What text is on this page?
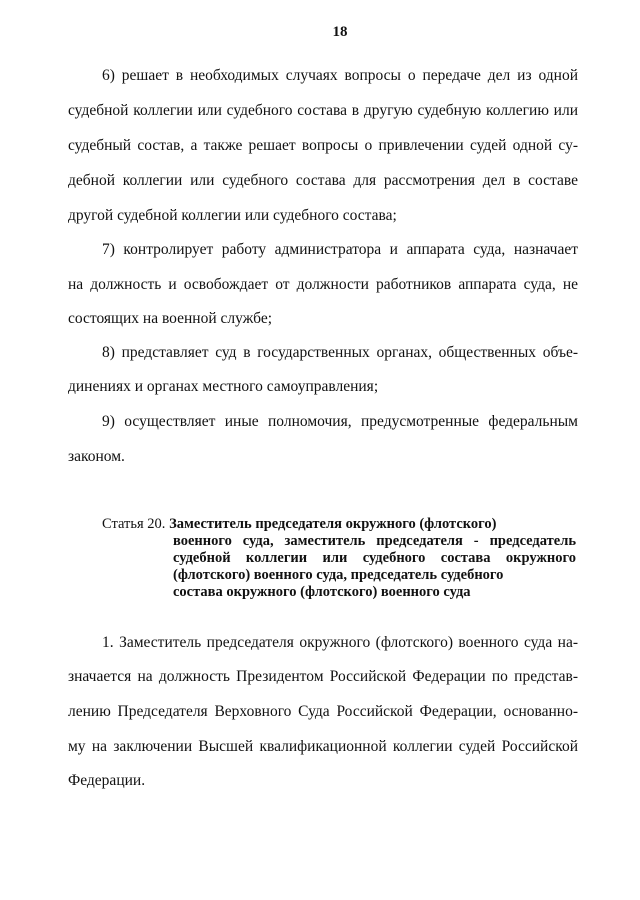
18
6) решает в необходимых случаях вопросы о передаче дел из одной
судебной коллегии или судебного состава в другую судебную коллегию или
судебный состав, а также решает вопросы о привлечении судей одной су-
дебной коллегии или судебного состава для рассмотрения дел в составе
другой судебной коллегии или судебного состава;
7) контролирует работу администратора и аппарата суда, назначает
на должность и освобождает от должности работников аппарата суда, не
состоящих на военной службе;
8) представляет суд в государственных органах, общественных объе-
динениях и органах местного самоуправления;
9) осуществляет иные полномочия, предусмотренные федеральным
законом.
Статья 20. Заместитель председателя окружного (флотского)
военного суда, заместитель председателя - председатель
судебной коллегии или судебного состава окружного
(флотского) военного суда, председатель судебного
состава окружного (флотского) военного суда
1. Заместитель председателя окружного (флотского) военного суда на-
значается на должность Президентом Российской Федерации по представ-
лению Председателя Верховного Суда Российской Федерации, основанно-
му на заключении Высшей квалификационной коллегии судей Российской
Федерации.
